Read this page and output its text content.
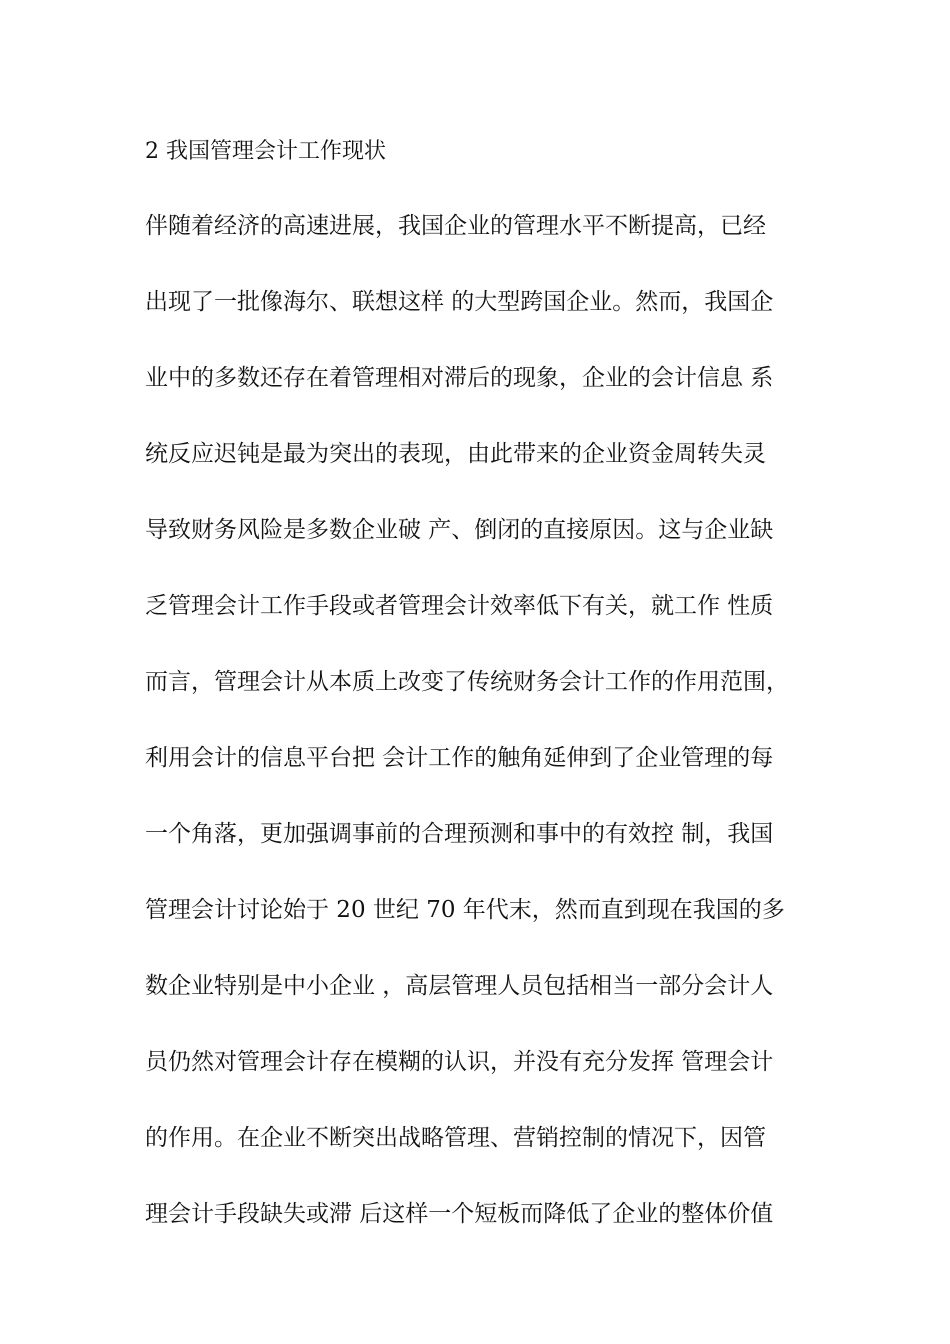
2 我国管理会计工作现状

伴随着经济的高速进展，我国企业的管理水平不断提高，已经

出现了一批像海尔、联想这样 的大型跨国企业。然而，我国企

业中的多数还存在着管理相对滞后的现象，企业的会计信息 系

统反应迟钝是最为突出的表现，由此带来的企业资金周转失灵

导致财务风险是多数企业破 产、倒闭的直接原因。这与企业缺

乏管理会计工作手段或者管理会计效率低下有关，就工作 性质

而言，管理会计从本质上改变了传统财务会计工作的作用范围，

利用会计的信息平台把 会计工作的触角延伸到了企业管理的每

一个角落，更加强调事前的合理预测和事中的有效控 制，我国

管理会计讨论始于 20 世纪 70 年代末，然而直到现在我国的多

数企业特别是中小企业 ，高层管理人员包括相当一部分会计人

员仍然对管理会计存在模糊的认识，并没有充分发挥 管理会计

的作用。在企业不断突出战略管理、营销控制的情况下，因管

理会计手段缺失或滞 后这样一个短板而降低了企业的整体价值
